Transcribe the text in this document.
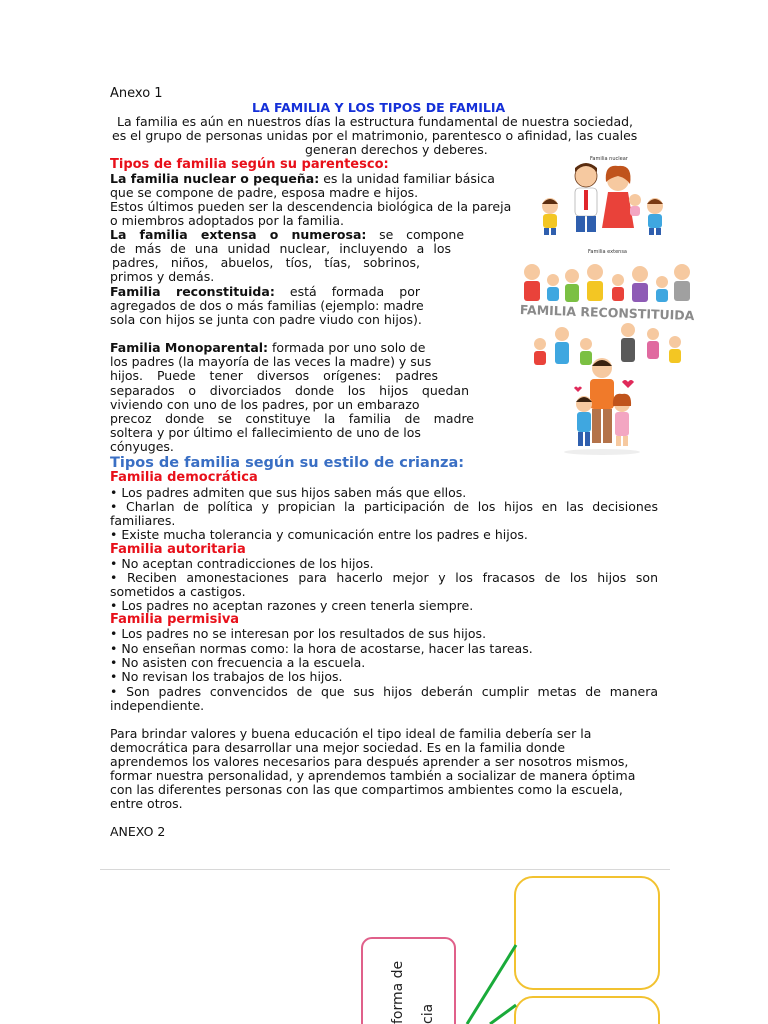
Anexo 1
LA FAMILIA Y LOS TIPOS DE FAMILIA
La familia es aún en nuestros días la estructura fundamental de nuestra sociedad,
es el grupo de personas unidas por el matrimonio, parentesco o afinidad, las cuales
generan derechos y deberes.
Tipos de familia según su parentesco:
La familia nuclear o pequeña: es la unidad familiar básica
que se compone de padre, esposa madre e hijos.
Estos últimos pueden ser la descendencia biológica de la pareja
o miembros adoptados por la familia.
La familia extensa o numerosa: se compone
de más de una unidad nuclear, incluyendo a los
padres, niños, abuelos, tíos, tías, sobrinos,
primos y demás.
Familia reconstituida: está formada por
agregados de dos o más familias (ejemplo: madre
sola con hijos se junta con padre viudo con hijos).
Familia Monoparental: formada por uno solo de
los padres (la mayoría de las veces la madre) y sus
hijos. Puede tener diversos orígenes: padres
separados o divorciados donde los hijos quedan
viviendo con uno de los padres, por un embarazo
precoz donde se constituye la familia de madre
soltera y por último el fallecimiento de uno de los
cónyuges.
Tipos de familia según su estilo de crianza:
Familia democrática
• Los padres admiten que sus hijos saben más que ellos.
• Charlan de política y propician la participación de los hijos en las decisiones
familiares.
• Existe mucha tolerancia y comunicación entre los padres e hijos.
Familia autoritaria
• No aceptan contradicciones de los hijos.
• Reciben amonestaciones para hacerlo mejor y los fracasos de los hijos son
sometidos a castigos.
• Los padres no aceptan razones y creen tenerla siempre.
Familia permisiva
• Los padres no se interesan por los resultados de sus hijos.
• No enseñan normas como: la hora de acostarse, hacer las tareas.
• No asisten con frecuencia a la escuela.
• No revisan los trabajos de los hijos.
• Son padres convencidos de que sus hijos deberán cumplir metas de manera
independiente.
Para brindar valores y buena educación el tipo ideal de familia debería ser la
democrática para desarrollar una mejor sociedad. Es en la familia donde
aprendemos los valores necesarios para después aprender a ser nosotros mismos,
formar nuestra personalidad, y aprendemos también a socializar de manera óptima
con las diferentes personas con las que compartimos ambientes como la escuela,
entre otros.
ANEXO 2
Familia nuclear
Familia extensa
FAMILIA RECONSTITUIDA
forma de cia
